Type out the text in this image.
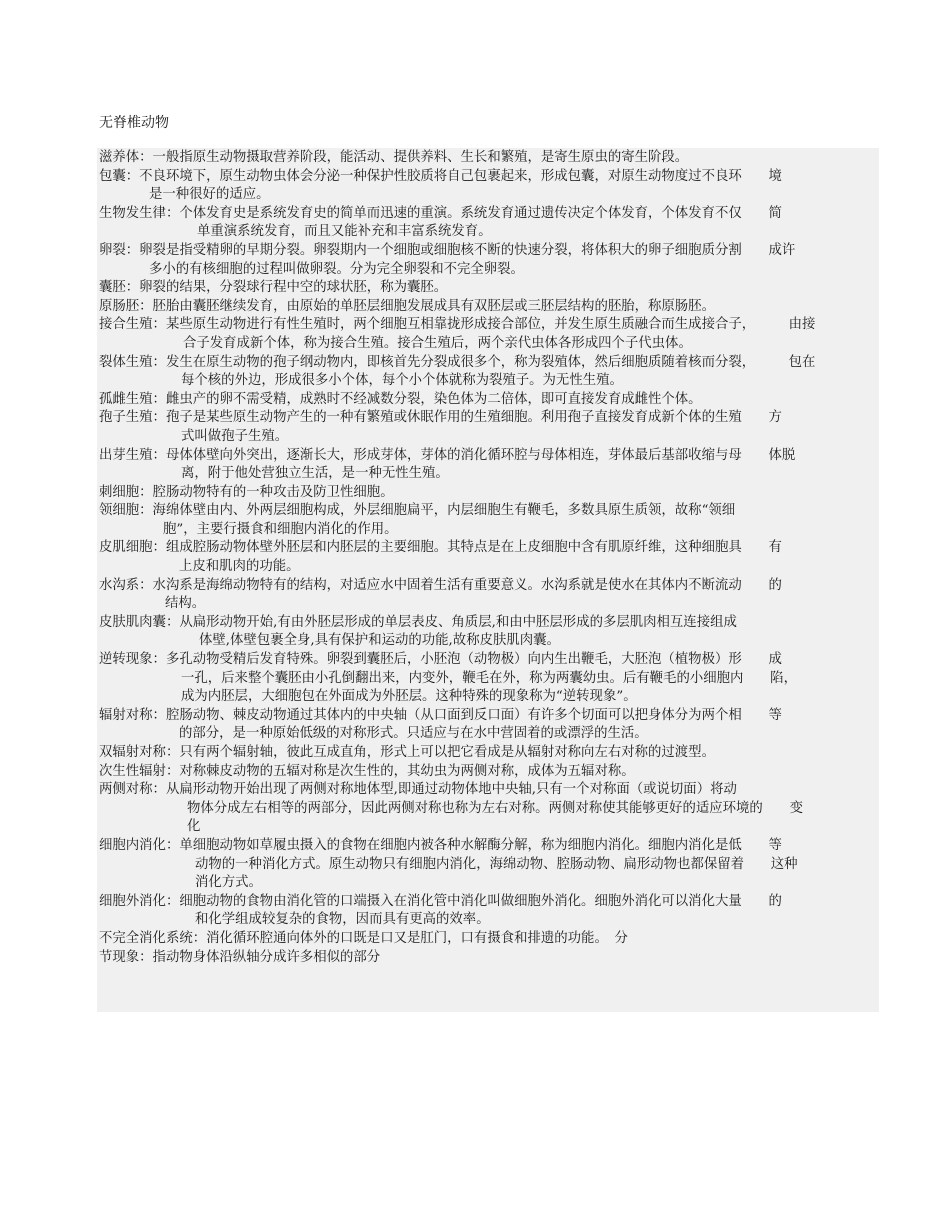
无脊椎动物
滋养体：一般指原生动物摄取营养阶段，能活动、提供养料、生长和繁殖，是寄生原虫的寄生阶段。
包囊：不良环境下，原生动物虫体会分泌一种保护性胶质将自己包裹起来，形成包囊，对原生动物度过不良环　　境
是一种很好的适应。
生物发生律：个体发育史是系统发育史的简单而迅速的重演。系统发育通过遗传决定个体发育，个体发育不仅　　简
单重演系统发育，而且又能补充和丰富系统发育。
卵裂：卵裂是指受精卵的早期分裂。卵裂期内一个细胞或细胞核不断的快速分裂，将体积大的卵子细胞质分割　　成许
多小的有核细胞的过程叫做卵裂。分为完全卵裂和不完全卵裂。
囊胚：卵裂的结果，分裂球行程中空的球状胚，称为囊胚。
原肠胚：胚胎由囊胚继续发育，由原始的单胚层细胞发展成具有双胚层或三胚层结构的胚胎，称原肠胚。
接合生殖：某些原生动物进行有性生殖时，两个细胞互相靠拢形成接合部位，并发生原生质融合而生成接合子，　　　由接
合子发育成新个体，称为接合生殖。接合生殖后，两个亲代虫体各形成四个子代虫体。
裂体生殖：发生在原生动物的孢子纲动物内，即核首先分裂成很多个，称为裂殖体，然后细胞质随着核而分裂，　　　包在
每个核的外边，形成很多小个体，每个小个体就称为裂殖子。为无性生殖。
孤雌生殖：雌虫产的卵不需受精，成熟时不经减数分裂，染色体为二倍体，即可直接发育成雌性个体。
孢子生殖：孢子是某些原生动物产生的一种有繁殖或休眠作用的生殖细胞。利用孢子直接发育成新个体的生殖　　方
式叫做孢子生殖。
出芽生殖：母体体壁向外突出，逐渐长大，形成芽体，芽体的消化循环腔与母体相连，芽体最后基部收缩与母　　体脱
离，附于他处营独立生活，是一种无性生殖。
刺细胞：腔肠动物特有的一种攻击及防卫性细胞。
领细胞：海绵体壁由内、外两层细胞构成，外层细胞扁平，内层细胞生有鞭毛，多数具原生质领，故称“领细
胞”，主要行摄食和细胞内消化的作用。
皮肌细胞：组成腔肠动物体壁外胚层和内胚层的主要细胞。其特点是在上皮细胞中含有肌原纤维，这种细胞具　　有
上皮和肌肉的功能。
水沟系：水沟系是海绵动物特有的结构，对适应水中固着生活有重要意义。水沟系就是使水在其体内不断流动　　的
结构。
皮肤肌肉囊：从扁形动物开始,有由外胚层形成的单层表皮、角质层,和由中胚层形成的多层肌肉相互连接组成
体壁,体壁包裹全身,具有保护和运动的功能,故称皮肤肌肉囊。
逆转现象：多孔动物受精后发育特殊。卵裂到囊胚后，小胚泡（动物极）向内生出鞭毛，大胚泡（植物极）形　　成
一孔，后来整个囊胚由小孔倒翻出来，内变外，鞭毛在外，称为两囊幼虫。后有鞭毛的小细胞内　　陷，
成为内胚层，大细胞包在外面成为外胚层。这种特殊的现象称为“逆转现象”。
辐射对称：腔肠动物、棘皮动物通过其体内的中央轴（从口面到反口面）有许多个切面可以把身体分为两个相　　等
的部分，是一种原始低级的对称形式。只适应与在水中营固着的或漂浮的生活。
双辐射对称：只有两个辐射轴，彼此互成直角，形式上可以把它看成是从辐射对称向左右对称的过渡型。
次生性辐射：对称棘皮动物的五辐对称是次生性的，其幼虫为两侧对称，成体为五辐对称。
两侧对称：从扁形动物开始出现了两侧对称地体型,即通过动物体地中央轴,只有一个对称面（或说切面）将动
物体分成左右相等的两部分，因此两侧对称也称为左右对称。两侧对称使其能够更好的适应环境的　　变
化
细胞内消化：单细胞动物如草履虫摄入的食物在细胞内被各种水解酶分解，称为细胞内消化。细胞内消化是低　　等
动物的一种消化方式。原生动物只有细胞内消化，海绵动物、腔肠动物、扁形动物也都保留着　　这种
消化方式。
细胞外消化：细胞动物的食物由消化管的口端摄入在消化管中消化叫做细胞外消化。细胞外消化可以消化大量　　的
和化学组成较复杂的食物，因而具有更高的效率。
不完全消化系统：消化循环腔通向体外的口既是口又是肛门，口有摄食和排遗的功能。　分
节现象：指动物身体沿纵轴分成许多相似的部分
